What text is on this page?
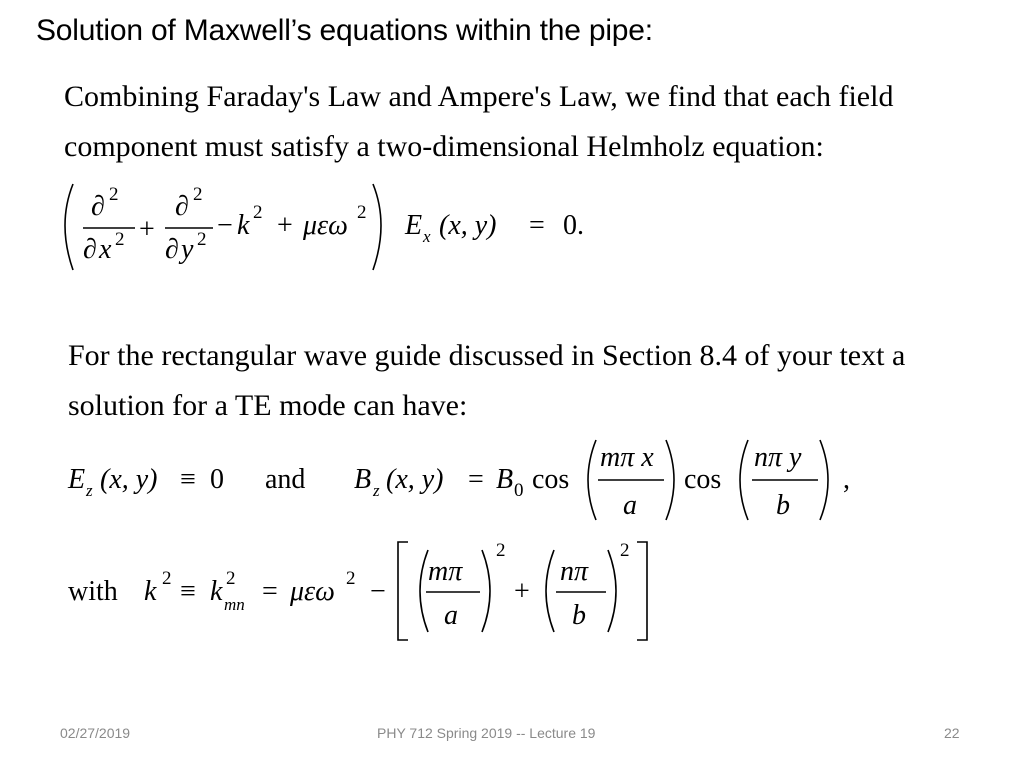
Solution of Maxwell’s equations within the pipe:
Combining Faraday's Law and Ampere's Law, we find that each field component must satisfy a two-dimensional Helmholz equation:
∂ 2
∂ x 2 +
∂ 2
∂ y 2 − k 2 + μεω 2 E x (x, y) = 0.
For the rectangular wave guide discussed in Section 8.4 of your text a solution for a TE mode can have:
E z (x, y) ≡ 0 and B z (x, y) = B 0 cos
mπ x
a
cos
nπ y
b
,
with k 2 ≡ k 2
mn = μεω 2 −
mπ
a
2
+
nπ
b
2
02/27/2019	PHY 712 Spring 2019 -- Lecture 19	22
